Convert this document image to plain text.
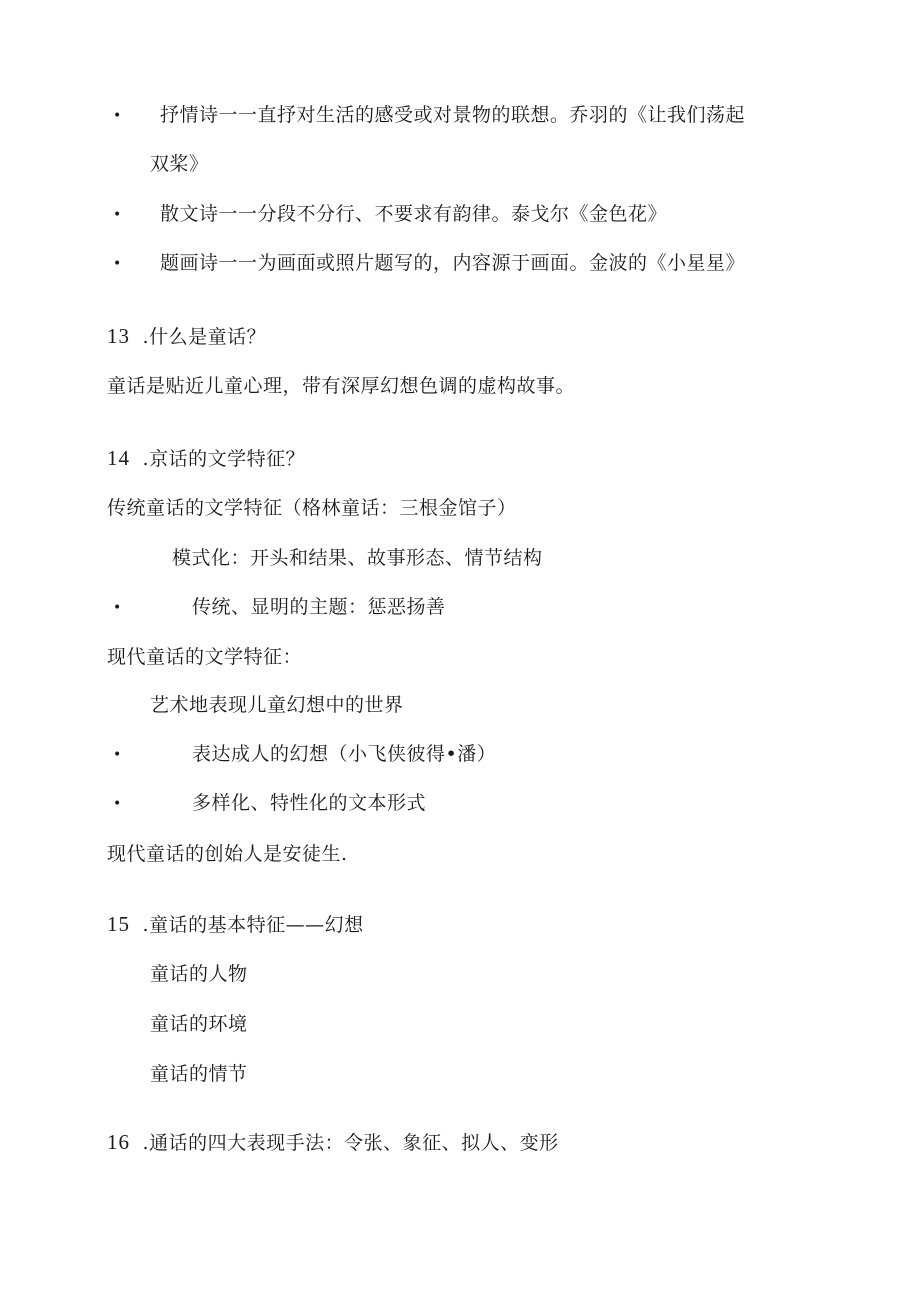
• 抒情诗一一直抒对生活的感受或对景物的联想。乔羽的《让我们荡起
双桨》
• 散文诗一一分段不分行、不要求有韵律。泰戈尔《金色花》
• 题画诗一一为画面或照片题写的，内容源于画面。金波的《小星星》
13 .什么是童话？
童话是贴近儿童心理，带有深厚幻想色调的虚构故事。
14 .京话的文学特征？
传统童话的文学特征（格林童话：三根金馆子）
模式化：开头和结果、故事形态、情节结构
•	传统、显明的主题：惩恶扬善
现代童话的文学特征：
艺术地表现儿童幻想中的世界
•	表达成人的幻想（小飞侠彼得•潘）
•	多样化、特性化的文本形式
现代童话的创始人是安徒生.
15 .童话的基本特征——幻想
童话的人物
童话的环境
童话的情节
16 .通话的四大表现手法：令张、象征、拟人、变形
